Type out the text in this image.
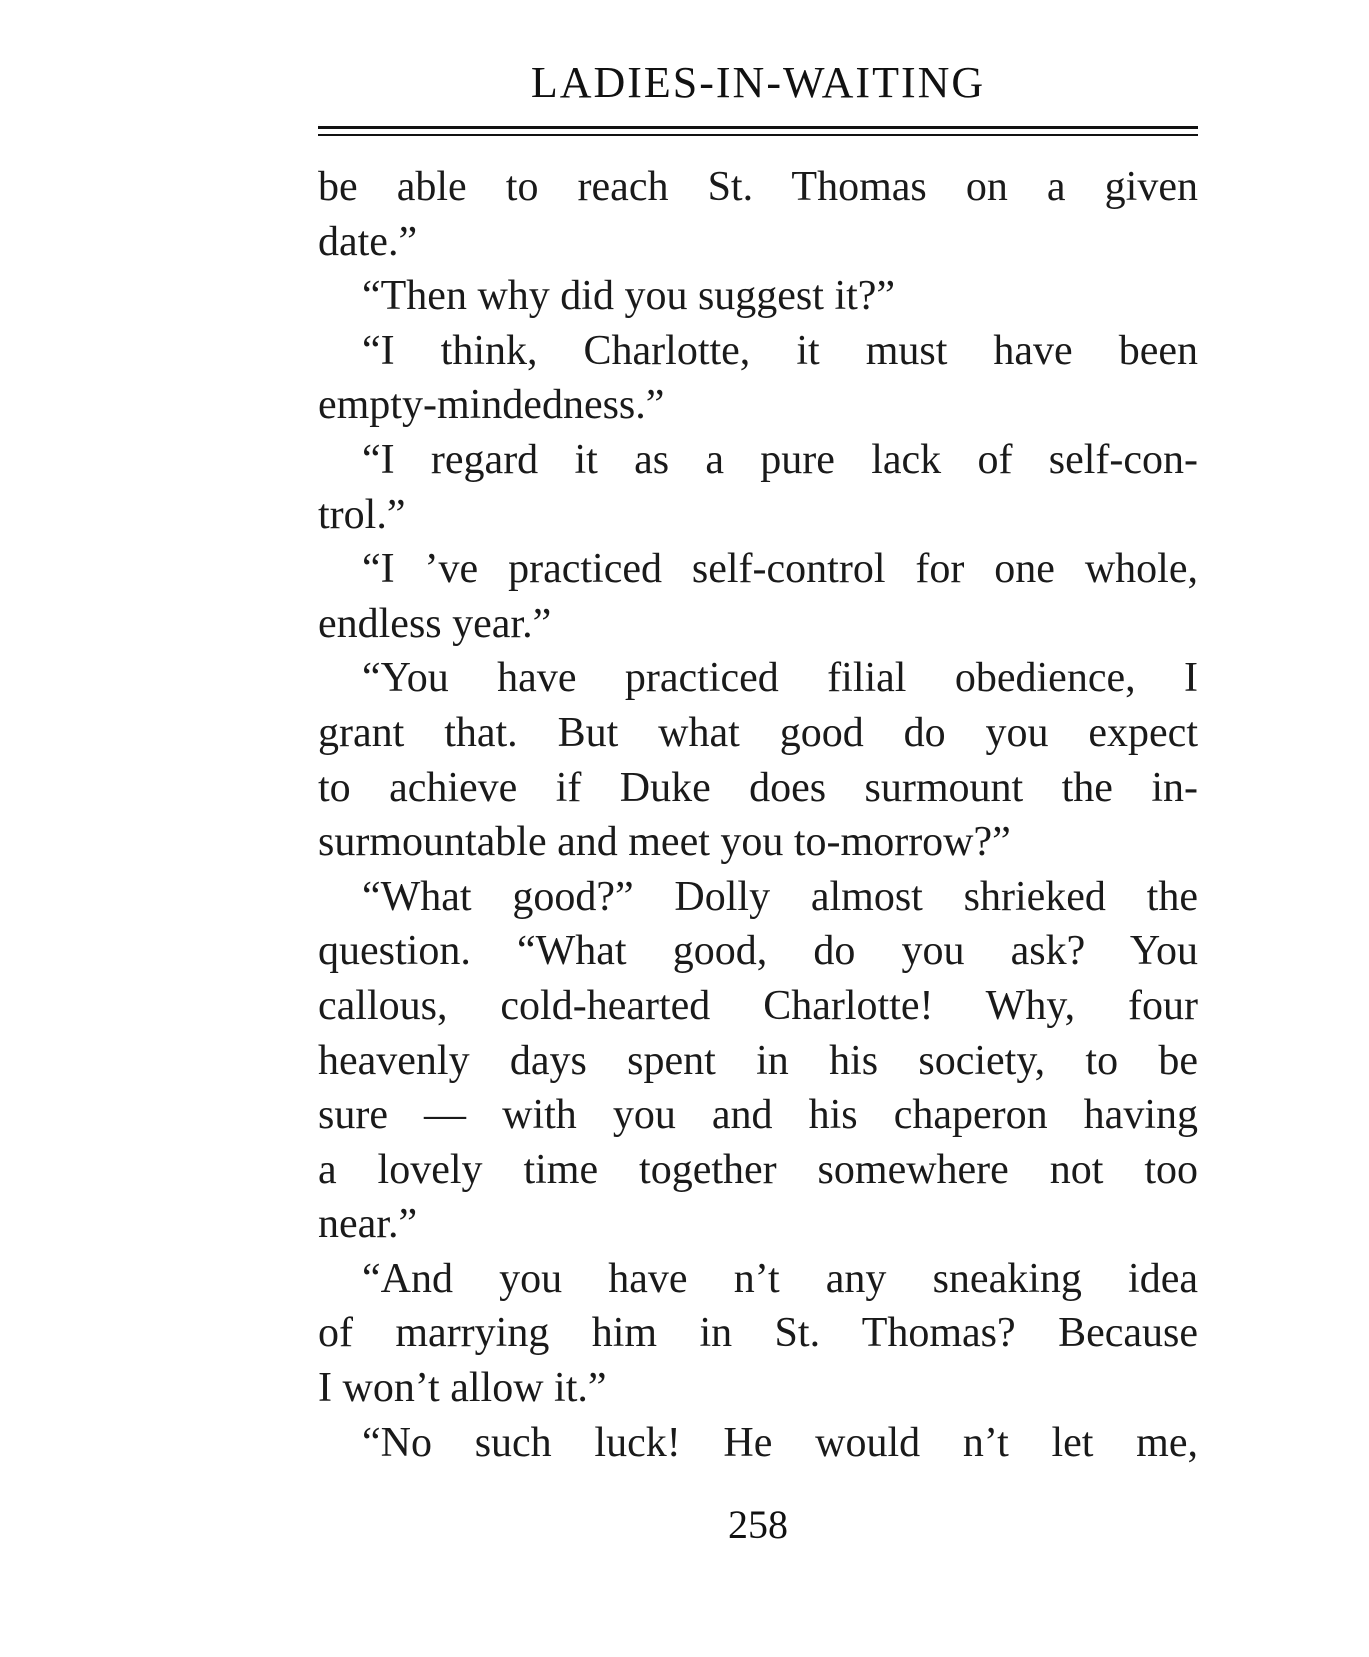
LADIES-IN-WAITING
be able to reach St. Thomas on a given
date.”
“Then why did you suggest it?”
“I think, Charlotte, it must have been
empty-mindedness.”
“I regard it as a pure lack of self-con-
trol.”
“I ’ve practiced self-control for one whole,
endless year.”
“You have practiced filial obedience, I
grant that. But what good do you expect
to achieve if Duke does surmount the in-
surmountable and meet you to-morrow?”
“What good?” Dolly almost shrieked the
question. “What good, do you ask? You
callous, cold-hearted Charlotte! Why, four
heavenly days spent in his society, to be
sure — with you and his chaperon having
a lovely time together somewhere not too
near.”
“And you have n’t any sneaking idea
of marrying him in St. Thomas? Because
I won’t allow it.”
“No such luck! He would n’t let me,
258
